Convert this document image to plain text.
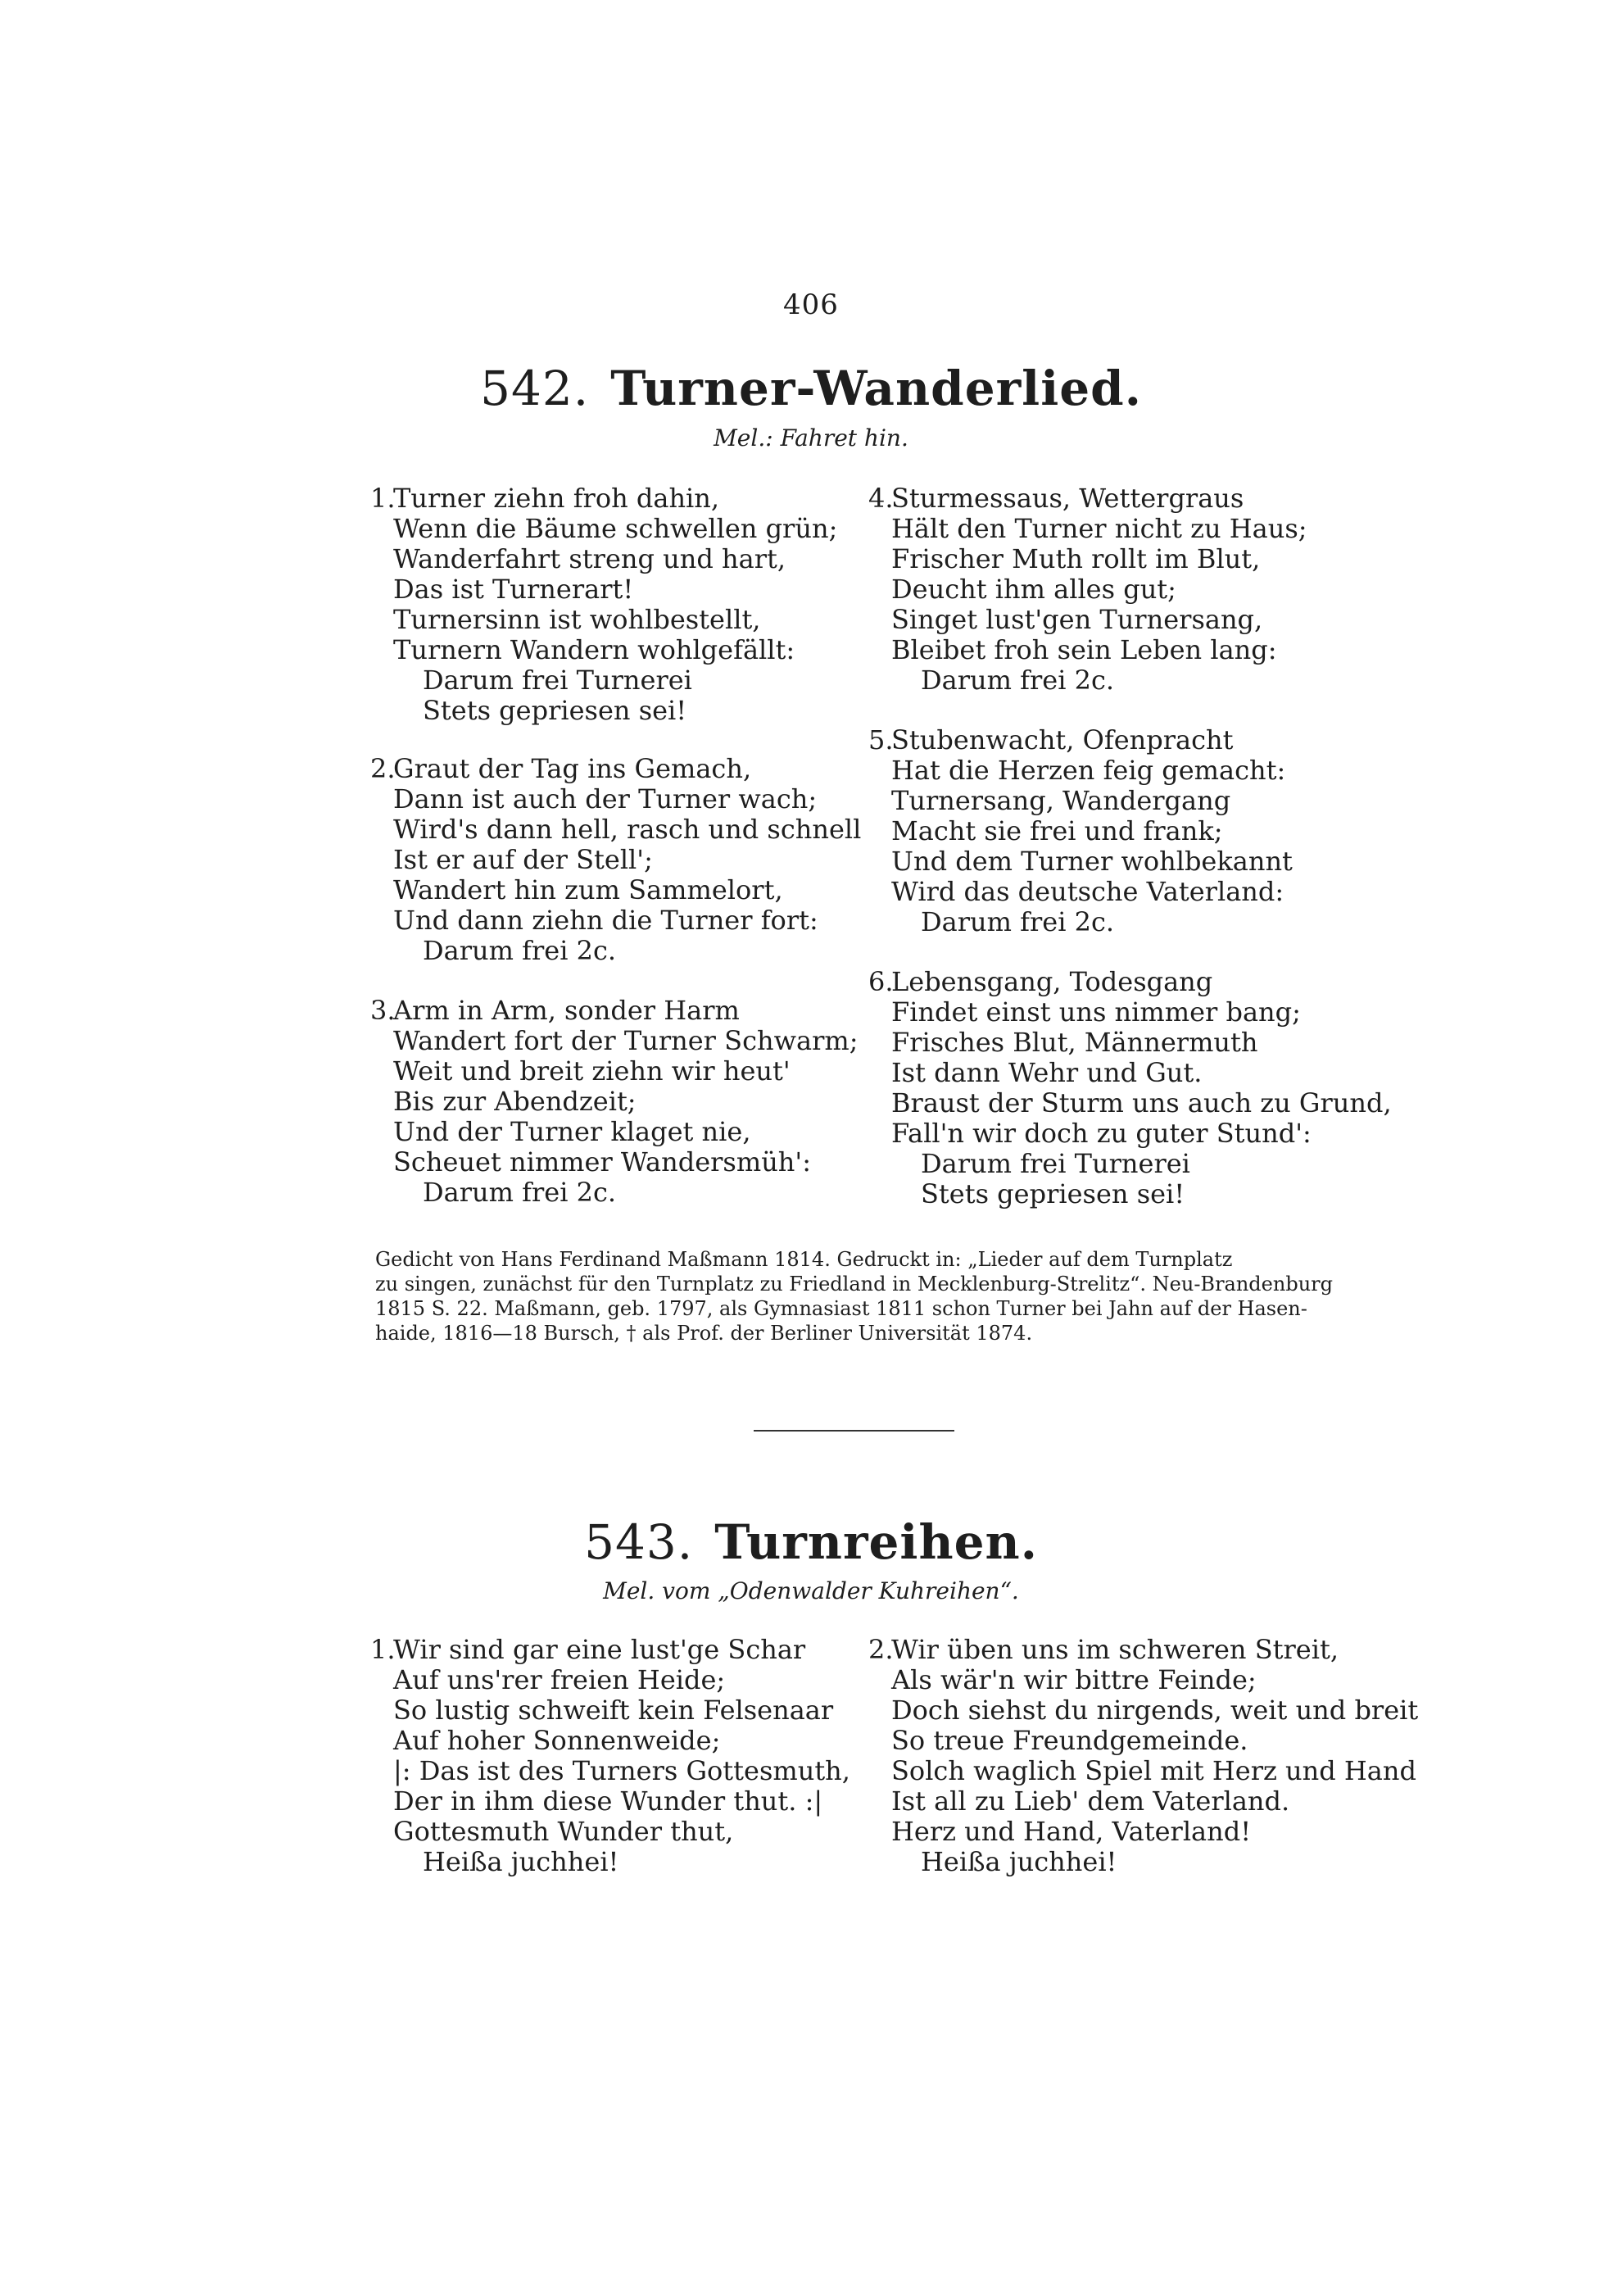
406
542. Turner-Wanderlied.
Mel.: Fahret hin.
1.Turner ziehn froh dahin,
Wenn die Bäume schwellen grün;
Wanderfahrt streng und hart,
Das ist Turnerart!
Turnersinn ist wohlbestellt,
Turnern Wandern wohlgefällt:
Darum frei Turnerei
Stets gepriesen sei!
2.Graut der Tag ins Gemach,
Dann ist auch der Turner wach;
Wird's dann hell, rasch und schnell
Ist er auf der Stell';
Wandert hin zum Sammelort,
Und dann ziehn die Turner fort:
Darum frei 2c.
3.Arm in Arm, sonder Harm
Wandert fort der Turner Schwarm;
Weit und breit ziehn wir heut'
Bis zur Abendzeit;
Und der Turner klaget nie,
Scheuet nimmer Wandersmüh':
Darum frei 2c.
4.Sturmessaus, Wettergraus
Hält den Turner nicht zu Haus;
Frischer Muth rollt im Blut,
Deucht ihm alles gut;
Singet lust'gen Turnersang,
Bleibet froh sein Leben lang:
Darum frei 2c.
5.Stubenwacht, Ofenpracht
Hat die Herzen feig gemacht:
Turnersang, Wandergang
Macht sie frei und frank;
Und dem Turner wohlbekannt
Wird das deutsche Vaterland:
Darum frei 2c.
6.Lebensgang, Todesgang
Findet einst uns nimmer bang;
Frisches Blut, Männermuth
Ist dann Wehr und Gut.
Braust der Sturm uns auch zu Grund,
Fall'n wir doch zu guter Stund':
Darum frei Turnerei
Stets gepriesen sei!
Gedicht von Hans Ferdinand Maßmann 1814. Gedruckt in: „Lieder auf dem Turnplatz
zu singen, zunächst für den Turnplatz zu Friedland in Mecklenburg-Strelitz“. Neu-Brandenburg
1815 S. 22. Maßmann, geb. 1797, als Gymnasiast 1811 schon Turner bei Jahn auf der Hasen-
haide, 1816—18 Bursch, † als Prof. der Berliner Universität 1874.
543. Turnreihen.
Mel. vom „Odenwalder Kuhreihen“.
1.Wir sind gar eine lust'ge Schar
Auf uns'rer freien Heide;
So lustig schweift kein Felsenaar
Auf hoher Sonnenweide;
|: Das ist des Turners Gottesmuth,
Der in ihm diese Wunder thut. :|
Gottesmuth Wunder thut,
Heißa juchhei!
2.Wir üben uns im schweren Streit,
Als wär'n wir bittre Feinde;
Doch siehst du nirgends, weit und breit
So treue Freundgemeinde.
Solch waglich Spiel mit Herz und Hand
Ist all zu Lieb' dem Vaterland.
Herz und Hand, Vaterland!
Heißa juchhei!
